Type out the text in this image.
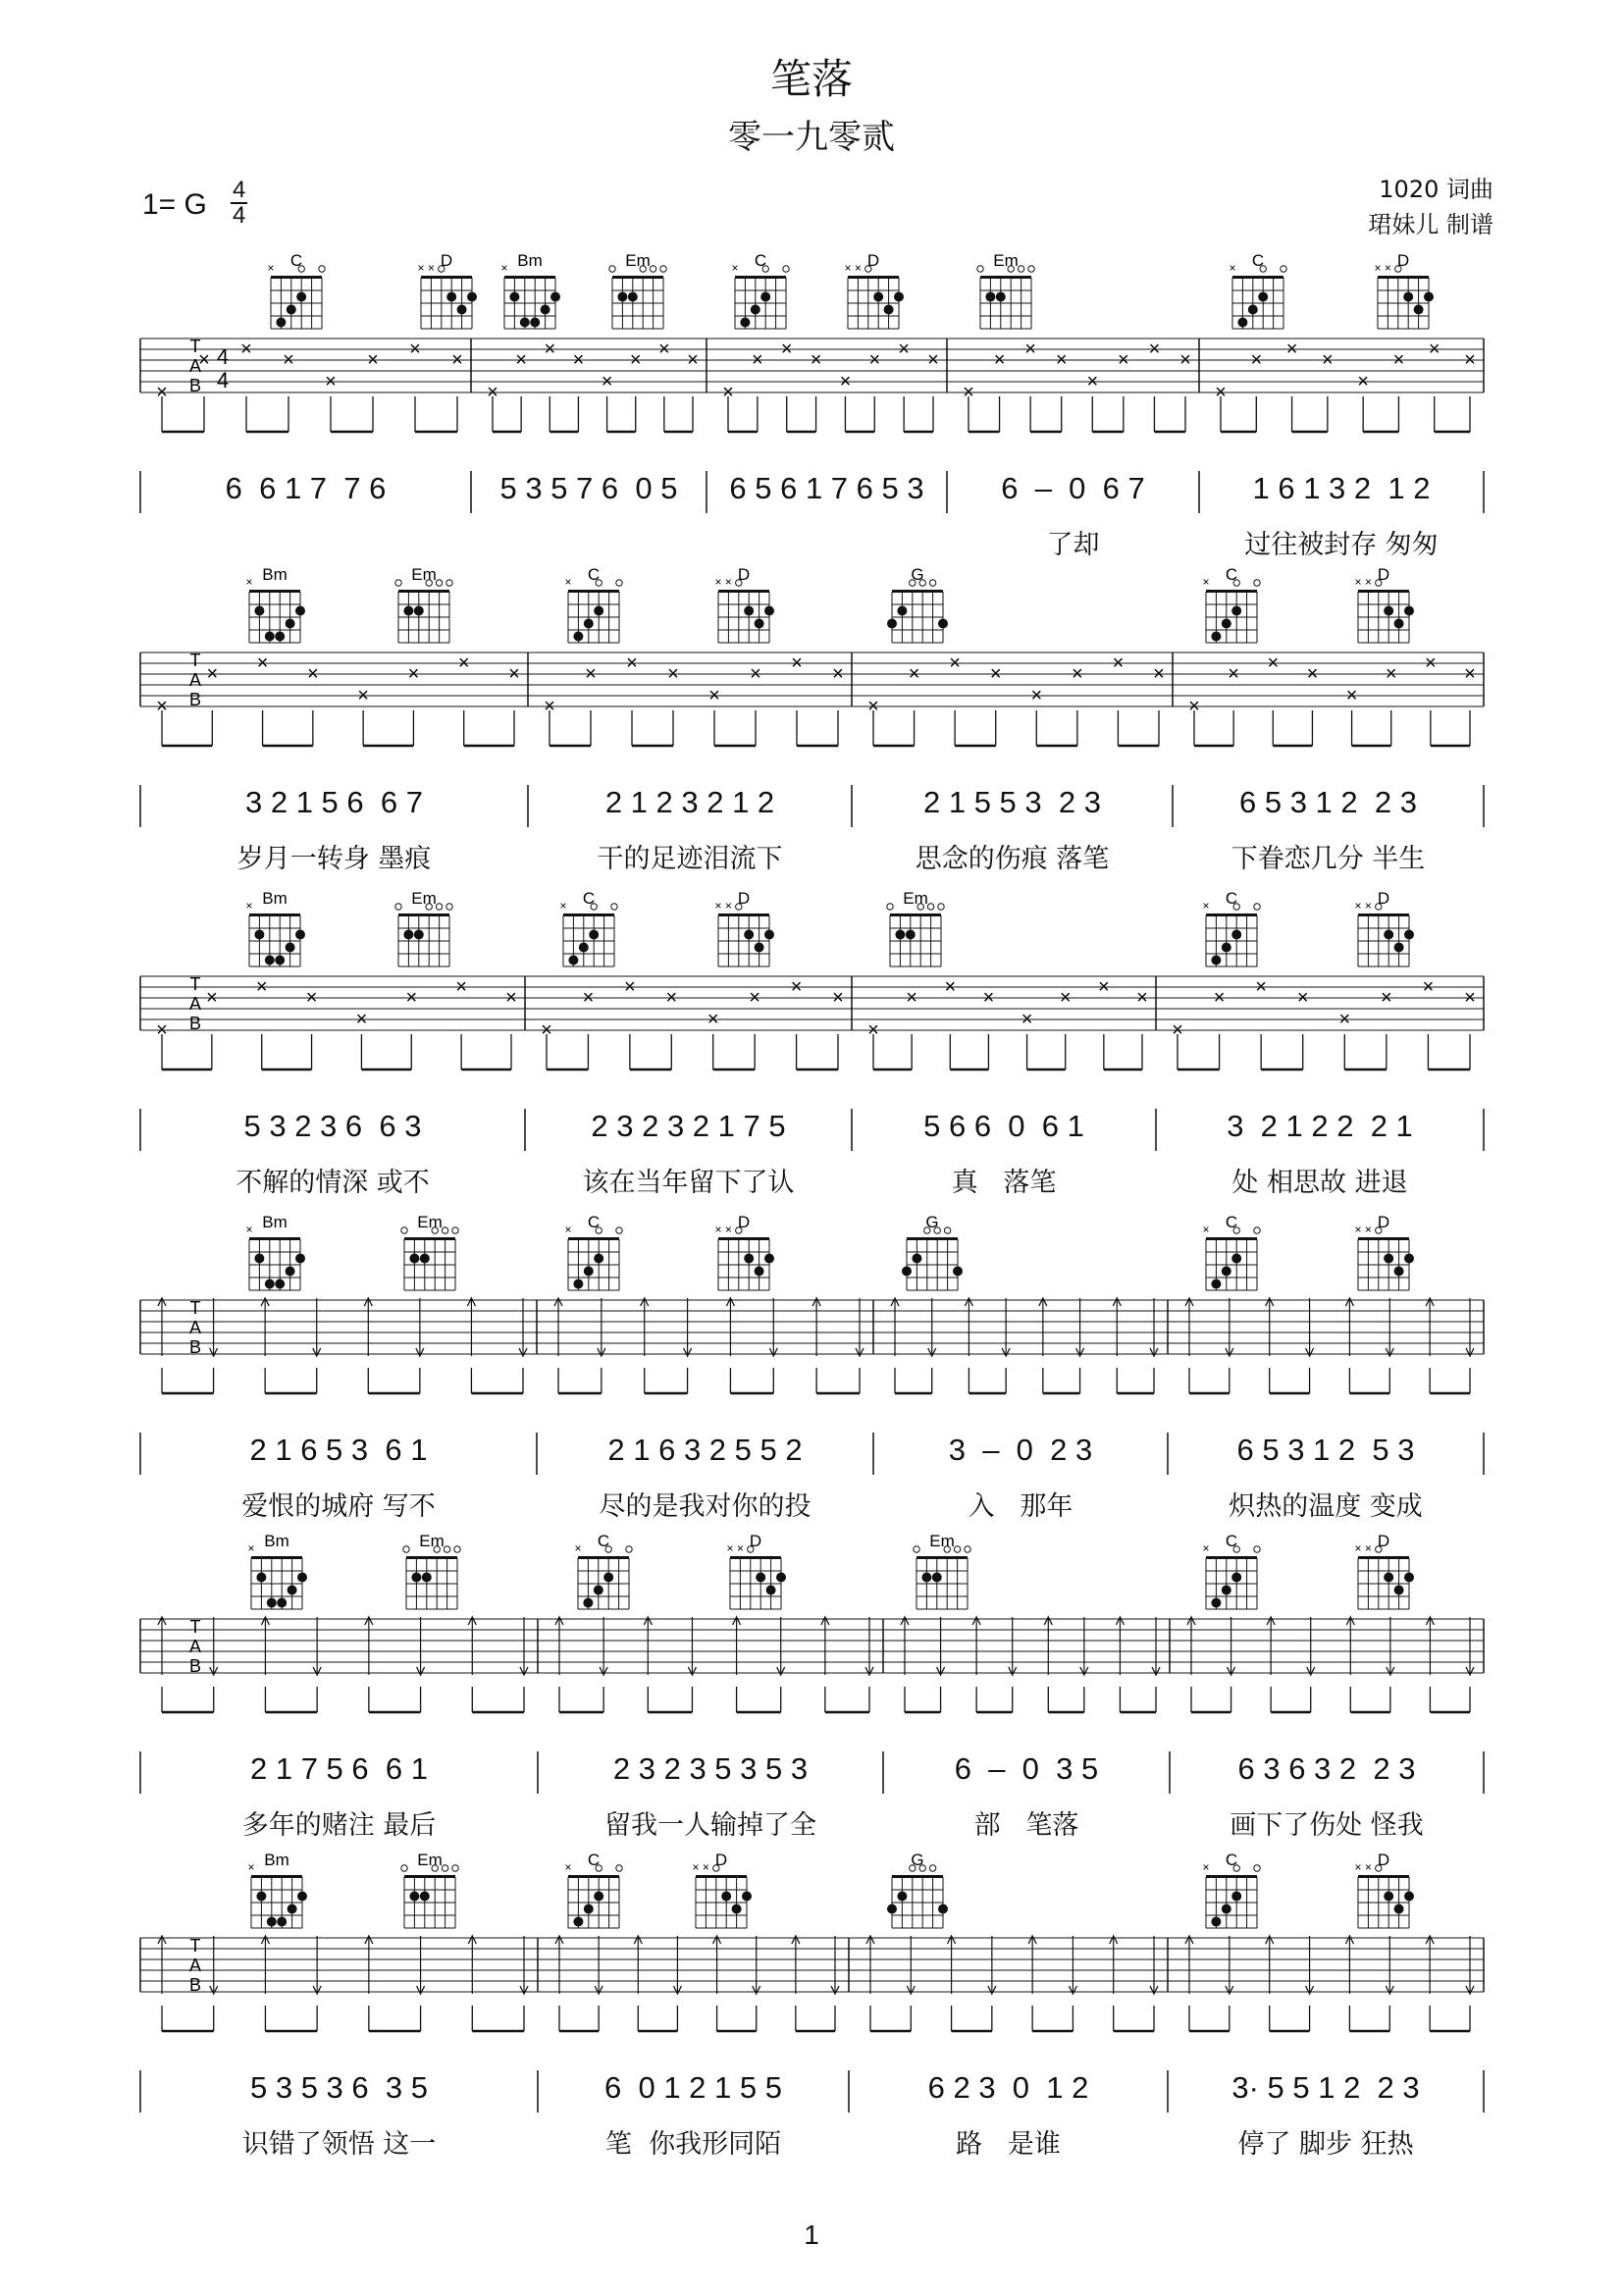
笔落
零一九零贰
1= G 4
4
1020 词曲
珺妹儿 制谱
C
×	D
× ×	Bm
×	Em	C
×	D
× ×	Em	C
×	D
× ×
T
A
B
4
4
×
× × ×
×
× × ×
×
× × ×
×
× × ×
×
× × ×
×
× × ×
×
× × ×
×
× × ×
×
× × ×
×
× × ×
6  6 1 7  7 6	5 3 5 7 6  0 5	6 5 6 1 7 6 5 3	6  –  0  6 7
了却
1 6 1 3 2  1 2
过往被封存 匆匆
Bm
×	Em	C
×	D
× ×	G	C
×	D
× ×
T
A
B
×
× × ×
×
× × ×
×
× × ×
×
× × ×
×
× × ×
×
× × ×
×
× × ×
×
× × ×
3 2 1 5 6  6 7
岁月一转身 墨痕
2 1 2 3 2 1 2
干的足迹泪流下
2 1 5 5 3  2 3
思念的伤痕 落笔
6 5 3 1 2  2 3
下眷恋几分 半生
Bm
×	Em	C
×	D
× ×	Em	C
×	D
× ×
T
A
B
×
× × ×
×
× × ×
×
× × ×
×
× × ×
×
× × ×
×
× × ×
×
× × ×
×
× × ×
5 3 2 3 6  6 3
不解的情深 或不
2 3 2 3 2 1 7 5
该在当年留下了认
5 6 6  0  6 1
真   落笔
3  2 1 2 2  2 1
处 相思故 进退
Bm
×	Em	C
×	D
× ×	G	C
×	D
× ×
T
A
B
2 1 6 5 3  6 1
爱恨的城府 写不
2 1 6 3 2 5 5 2
尽的是我对你的投
3  –  0  2 3
入   那年
6 5 3 1 2  5 3
炽热的温度 变成
Bm
×	Em	C
×	D
× ×	Em	C
×	D
× ×
T
A
B
2 1 7 5 6  6 1
多年的赌注 最后
2 3 2 3 5 3 5 3
留我一人输掉了全
6  –  0  3 5
部   笔落
6 3 6 3 2  2 3
画下了伤处 怪我
Bm
×	Em	C
×	D
× ×	G	C
×	D
× ×
T
A
B
5 3 5 3 6  3 5
识错了领悟 这一
6  0 1 2 1 5 5
笔  你我形同陌
6 2 3  0  1 2
路   是谁
3· 5 5 1 2  2 3
停了 脚步 狂热
1
